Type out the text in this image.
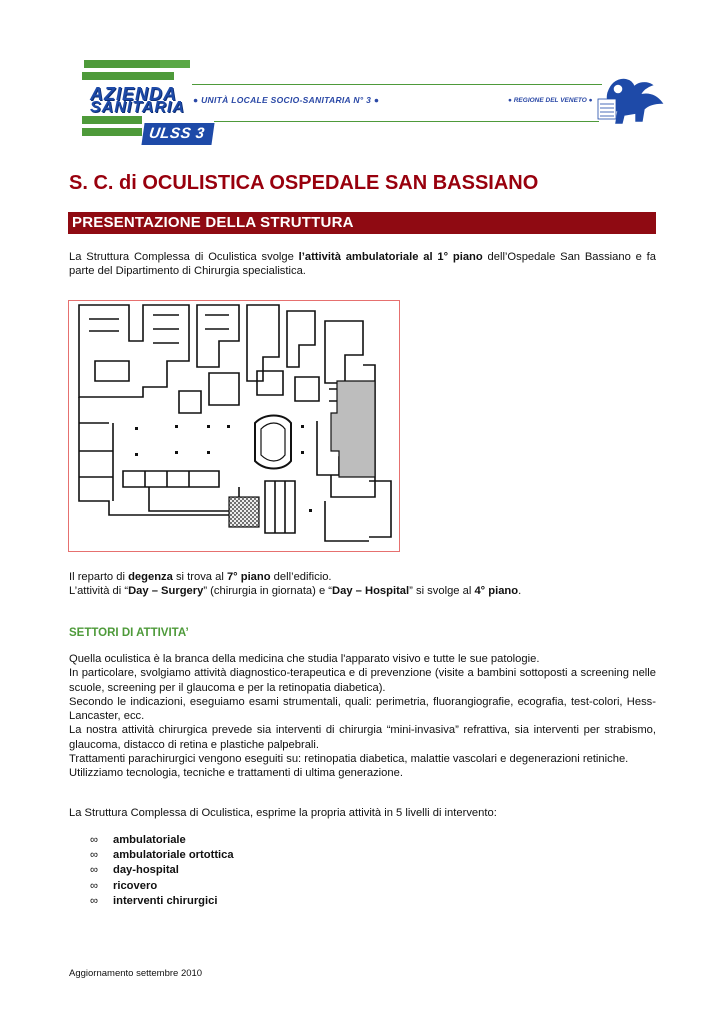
AZIENDA
SANITARIA ● UNITÀ LOCALE SOCIO-SANITARIA N° 3 ●	● REGIONE DEL VENETO ●
ULSS 3
S. C. di OCULISTICA OSPEDALE SAN BASSIANO
PRESENTAZIONE DELLA STRUTTURA

La Struttura Complessa di Oculistica svolge l’attività ambulatoriale al 1° piano dell’Ospedale San Bassiano e fa parte del Dipartimento di Chirurgia specialistica.

Il reparto di degenza si trova al 7° piano dell’edificio.
L’attività di “Day – Surgery” (chirurgia in giornata) e “Day – Hospital” si svolge al 4° piano.

SETTORI DI ATTIVITA’
Quella oculistica è la branca della medicina che studia l'apparato visivo e tutte le sue patologie.
In particolare, svolgiamo attività diagnostico-terapeutica e di prevenzione (visite a bambini sottoposti a screening nelle scuole, screening per il glaucoma e per la retinopatia diabetica).
Secondo le indicazioni, eseguiamo esami strumentali, quali: perimetria, fluorangiografie, ecografia, test-colori, Hess-Lancaster, ecc.
La nostra attività chirurgica prevede sia interventi di chirurgia “mini-invasiva” refrattiva, sia interventi per strabismo, glaucoma, distacco di retina e plastiche palpebrali.
Trattamenti parachirurgici vengono eseguiti su: retinopatia diabetica, malattie vascolari e degenerazioni retiniche.
Utilizziamo tecnologia, tecniche e trattamenti di ultima generazione.

La Struttura Complessa di Oculistica, esprime la propria attività in 5 livelli di intervento:

∞ ambulatoriale
∞ ambulatoriale ortottica
∞ day-hospital
∞ ricovero
∞ interventi chirurgici
Aggiornamento settembre 2010
